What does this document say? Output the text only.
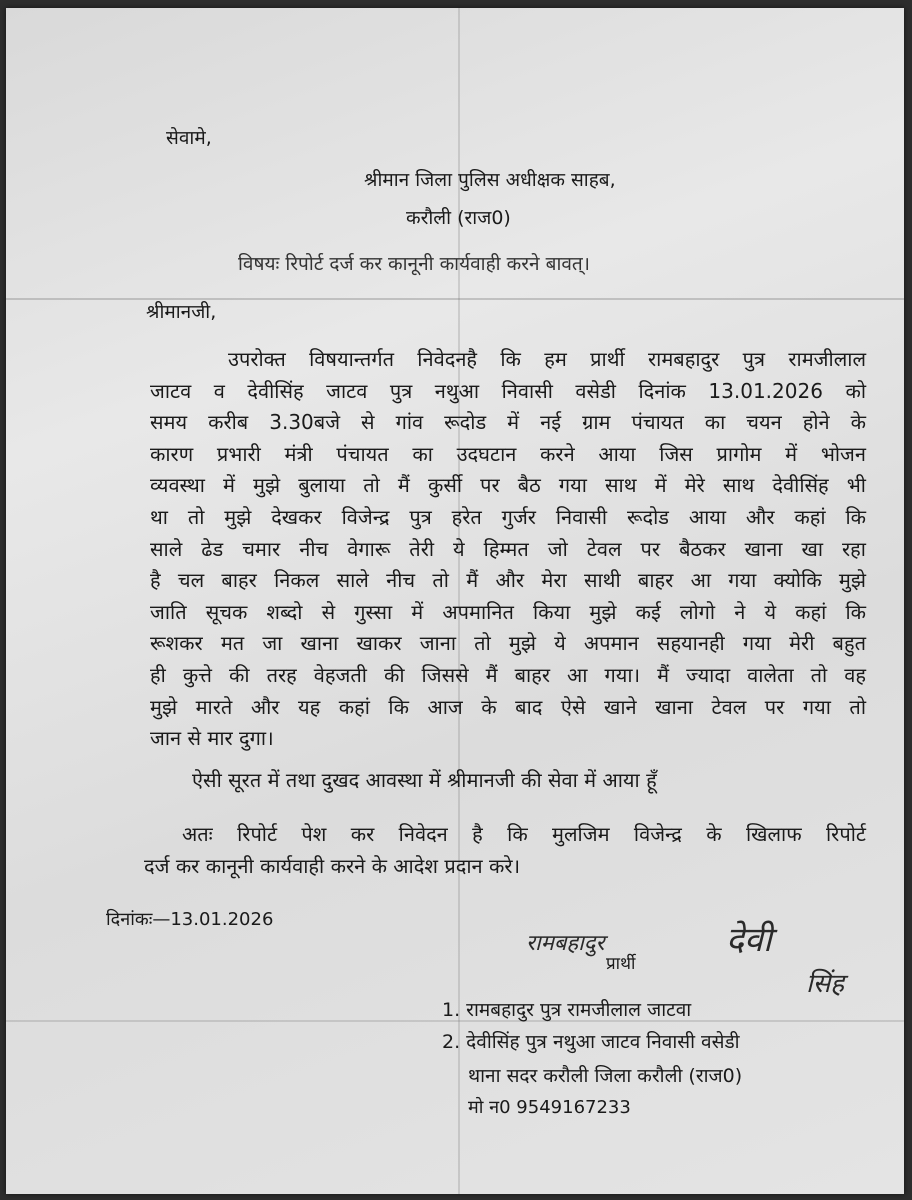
सेवामे,
श्रीमान जिला पुलिस अधीक्षक साहब,
करौली (राज0)
विषयः रिपोर्ट दर्ज कर कानूनी कार्यवाही करने बावत्।
श्रीमानजी,
उपरोक्त विषयान्तर्गत निवेदनहै कि हम प्रार्थी रामबहादुर पुत्र रामजीलाल
जाटव व देवीसिंह जाटव पुत्र नथुआ निवासी वसेडी दिनांक 13.01.2026 को
समय करीब 3.30बजे से गांव रूदोड में नई ग्राम पंचायत का चयन होने के
कारण प्रभारी मंत्री पंचायत का उदघटान करने आया जिस प्रागोम में भोजन
व्यवस्था में मुझे बुलाया तो मैं कुर्सी पर बैठ गया साथ में मेरे साथ देवीसिंह भी
था तो मुझे देखकर विजेन्द्र पुत्र हरेत गुर्जर निवासी रूदोड आया और कहां कि
साले ढेड चमार नीच वेगारू तेरी ये हिम्मत जो टेवल पर बैठकर खाना खा रहा
है चल बाहर निकल साले नीच तो मैं और मेरा साथी बाहर आ गया क्योकि मुझे
जाति सूचक शब्दो से गुस्सा में अपमानित किया मुझे कई लोगो ने ये कहां कि
रूशकर मत जा खाना खाकर जाना तो मुझे ये अपमान सहयानही गया मेरी बहुत
ही कुत्ते की तरह वेहजती की जिससे मैं बाहर आ गया। मैं ज्यादा वालेता तो वह
मुझे मारते और यह कहां कि आज के बाद ऐसे खाने खाना टेवल पर गया तो
जान से मार दुगा।
ऐसी सूरत में तथा दुखद आवस्था में श्रीमानजी की सेवा में आया हूँ
अतः रिपोर्ट पेश कर निवेदन है कि मुलजिम विजेन्द्र के खिलाफ रिपोर्ट
दर्ज कर कानूनी कार्यवाही करने के आदेश प्रदान करे।
दिनांकः—13.01.2026
रामबहादुर
प्रार्थी
देवी
सिंह
1. रामबहादुर पुत्र रामजीलाल जाटवा
2. देवीसिंह पुत्र नथुआ जाटव निवासी वसेडी
थाना सदर करौली जिला करौली (राज0)
मो न0 9549167233
